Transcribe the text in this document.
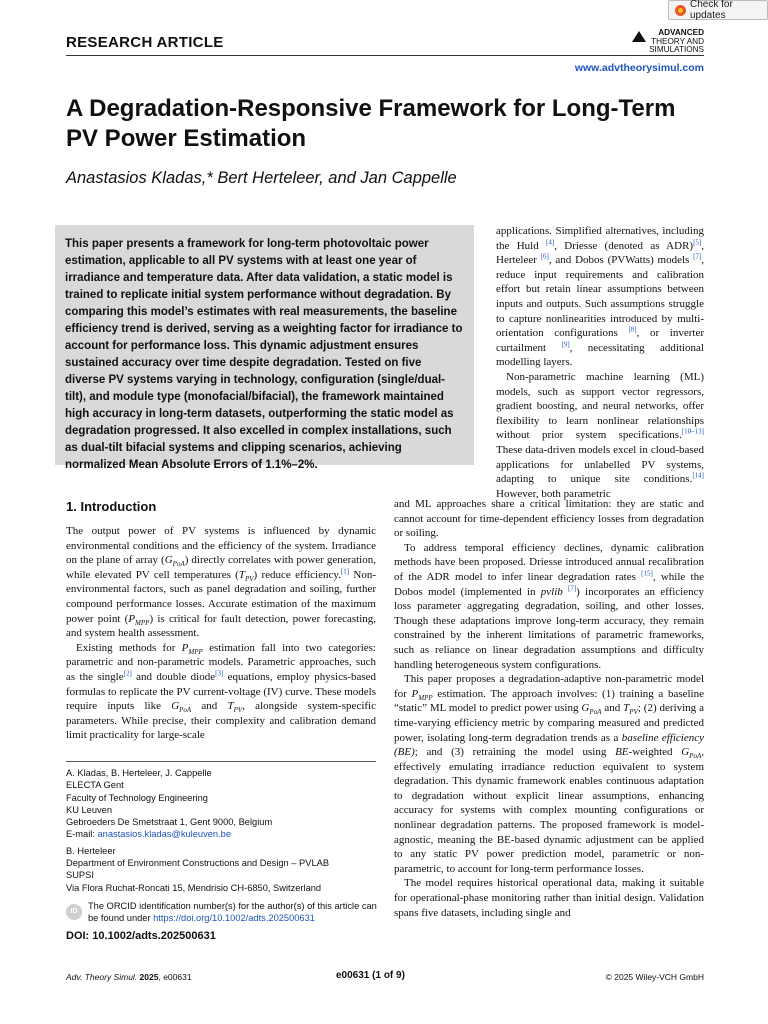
Check for updates
RESEARCH ARTICLE
ADVANCED
THEORY AND
SIMULATIONS
www.advtheorysimul.com
A Degradation-Responsive Framework for Long-Term PV Power Estimation
Anastasios Kladas,* Bert Herteleer, and Jan Cappelle

This paper presents a framework for long-term photovoltaic power estimation, applicable to all PV systems with at least one year of irradiance and temperature data. After data validation, a static model is trained to replicate initial system performance without degradation. By comparing this model’s estimates with real measurements, the baseline efficiency trend is derived, serving as a weighting factor for irradiance to account for performance loss. This dynamic adjustment ensures sustained accuracy over time despite degradation. Tested on five diverse PV systems varying in technology, configuration (single/dual-tilt), and module type (monofacial/bifacial), the framework maintained high accuracy in long-term datasets, outperforming the static model as degradation progressed. It also excelled in complex installations, such as dual-tilt bifacial systems and clipping scenarios, achieving normalized Mean Absolute Errors of 1.1%–2%.

applications. Simplified alternatives, including the Huld [4], Driesse (denoted as ADR)[5], Herteleer [6], and Dobos (PVWatts) models [7], reduce input requirements and calibration effort but retain linear assumptions between inputs and outputs. Such assumptions struggle to capture nonlinearities introduced by multi-orientation configurations [8], or inverter curtailment [9], necessitating additional modelling layers.

Non-parametric machine learning (ML) models, such as support vector regressors, gradient boosting, and neural networks, offer flexibility to learn nonlinear relationships without prior system specifications.[10–13] These data-driven models excel in cloud-based applications for unlabelled PV systems, adapting to unique site conditions.[14] However, both parametric

and ML approaches share a critical limitation: they are static and cannot account for time-dependent efficiency losses from degradation or soiling.

To address temporal efficiency declines, dynamic calibration methods have been proposed. Driesse introduced annual recalibration of the ADR model to infer linear degradation rates [15], while the Dobos model (implemented in pvlib [7]) incorporates an efficiency loss parameter aggregating degradation, soiling, and other losses. Though these adaptations improve long-term accuracy, they remain constrained by the inherent limitations of parametric frameworks, such as reliance on linear degradation assumptions and difficulty handling heterogeneous system configurations.

This paper proposes a degradation-adaptive non-parametric model for $P_{MPP}$ estimation. The approach involves: (1) training a baseline “static” ML model to predict power using $G_{PoA}$ and $T_{PV}$; (2) deriving a time-varying efficiency metric by comparing measured and predicted power, isolating long-term degradation trends as a baseline efficiency (BE); and (3) retraining the model using BE-weighted $G_{PoA}$, effectively emulating irradiance reduction equivalent to system degradation. This dynamic framework enables continuous adaptation to degradation without explicit linear assumptions, enhancing accuracy for systems with complex mounting configurations or nonlinear degradation patterns. The proposed framework is model-agnostic, meaning the BE-based dynamic adjustment can be applied to any static PV power prediction model, parametric or non-parametric, to account for long-term performance losses.

The model requires historical operational data, making it suitable for operational-phase monitoring rather than initial design. Validation spans five datasets, including single and

1. Introduction

The output power of PV systems is influenced by dynamic environmental conditions and the efficiency of the system. Irradiance on the plane of array $(G_{PoA})$ directly correlates with power generation, while elevated PV cell temperatures $(T_{PV})$ reduce efficiency.[1] Non-environmental factors, such as panel degradation and soiling, further compound performance losses. Accurate estimation of the maximum power point $(P_{MPP})$ is critical for fault detection, power forecasting, and system health assessment.

Existing methods for $P_{MPP}$ estimation fall into two categories: parametric and non-parametric models. Parametric approaches, such as the single[2] and double diode[3] equations, employ physics-based formulas to replicate the PV current-voltage (IV) curve. These models require inputs like $G_{PoA}$ and $T_{PV}$, alongside system-specific parameters. While precise, their complexity and calibration demand limit practicality for large-scale

A. Kladas, B. Herteleer, J. Cappelle
ELECTA Gent
Faculty of Technology Engineering
KU Leuven
Gebroeders De Smetstraat 1, Gent 9000, Belgium
E-mail: anastasios.kladas@kuleuven.be
B. Herteleer
Department of Environment Constructions and Design – PVLAB
SUPSI
Via Flora Ruchat-Roncati 15, Mendrisio CH-6850, Switzerland
ID
The ORCID identification number(s) for the author(s) of this article can be found under https://doi.org/10.1002/adts.202500631
DOI: 10.1002/adts.202500631
Adv. Theory Simul. 2025, e00631	e00631 (1 of 9)	© 2025 Wiley-VCH GmbH
